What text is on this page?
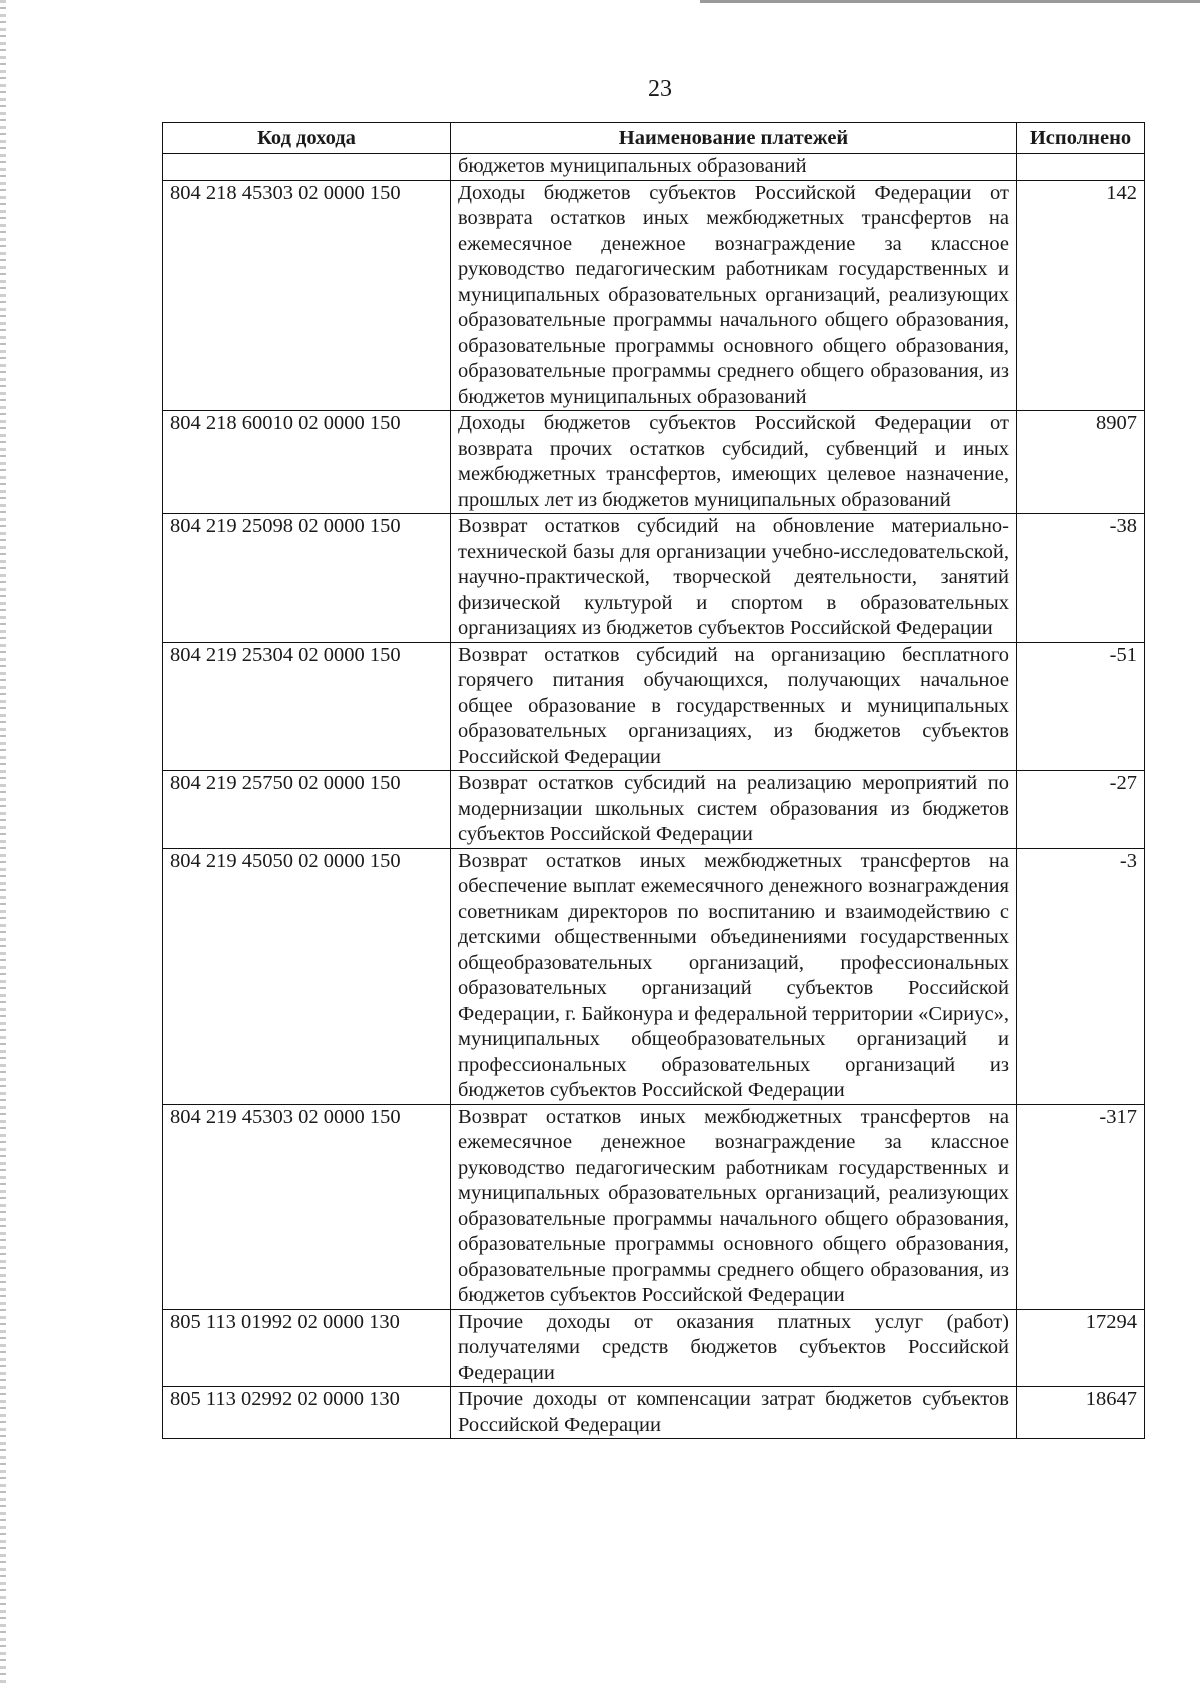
23
Код дохода	Наименование платежей	Исполнено
	бюджетов муниципальных образований	
804 218 45303 02 0000 150	Доходы бюджетов субъектов Российской Федерации от возврата остатков иных межбюджетных трансфертов на ежемесячное денежное вознаграждение за классное руководство педагогическим работникам государственных и муниципальных образовательных организаций, реализующих образовательные программы начального общего образования, образовательные программы основного общего образования, образовательные программы среднего общего образования, из бюджетов муниципальных образований	142
804 218 60010 02 0000 150	Доходы бюджетов субъектов Российской Федерации от возврата прочих остатков субсидий, субвенций и иных межбюджетных трансфертов, имеющих целевое назначение, прошлых лет из бюджетов муниципальных образований	8907
804 219 25098 02 0000 150	Возврат остатков субсидий на обновление материально-технической базы для организации учебно-исследовательской, научно-практической, творческой деятельности, занятий физической культурой и спортом в образовательных организациях из бюджетов субъектов Российской Федерации	-38
804 219 25304 02 0000 150	Возврат остатков субсидий на организацию бесплатного горячего питания обучающихся, получающих начальное общее образование в государственных и муниципальных образовательных организациях, из бюджетов субъектов Российской Федерации	-51
804 219 25750 02 0000 150	Возврат остатков субсидий на реализацию мероприятий по модернизации школьных систем образования из бюджетов субъектов Российской Федерации	-27
804 219 45050 02 0000 150	Возврат остатков иных межбюджетных трансфертов на обеспечение выплат ежемесячного денежного вознаграждения советникам директоров по воспитанию и взаимодействию с детскими общественными объединениями государственных общеобразовательных организаций, профессиональных образовательных организаций субъектов Российской Федерации, г. Байконура и федеральной территории «Сириус», муниципальных общеобразовательных организаций и профессиональных образовательных организаций из бюджетов субъектов Российской Федерации	-3
804 219 45303 02 0000 150	Возврат остатков иных межбюджетных трансфертов на ежемесячное денежное вознаграждение за классное руководство педагогическим работникам государственных и муниципальных образовательных организаций, реализующих образовательные программы начального общего образования, образовательные программы основного общего образования, образовательные программы среднего общего образования, из бюджетов субъектов Российской Федерации	-317
805 113 01992 02 0000 130	Прочие доходы от оказания платных услуг (работ) получателями средств бюджетов субъектов Российской Федерации	17294
805 113 02992 02 0000 130	Прочие доходы от компенсации затрат бюджетов субъектов Российской Федерации	18647
